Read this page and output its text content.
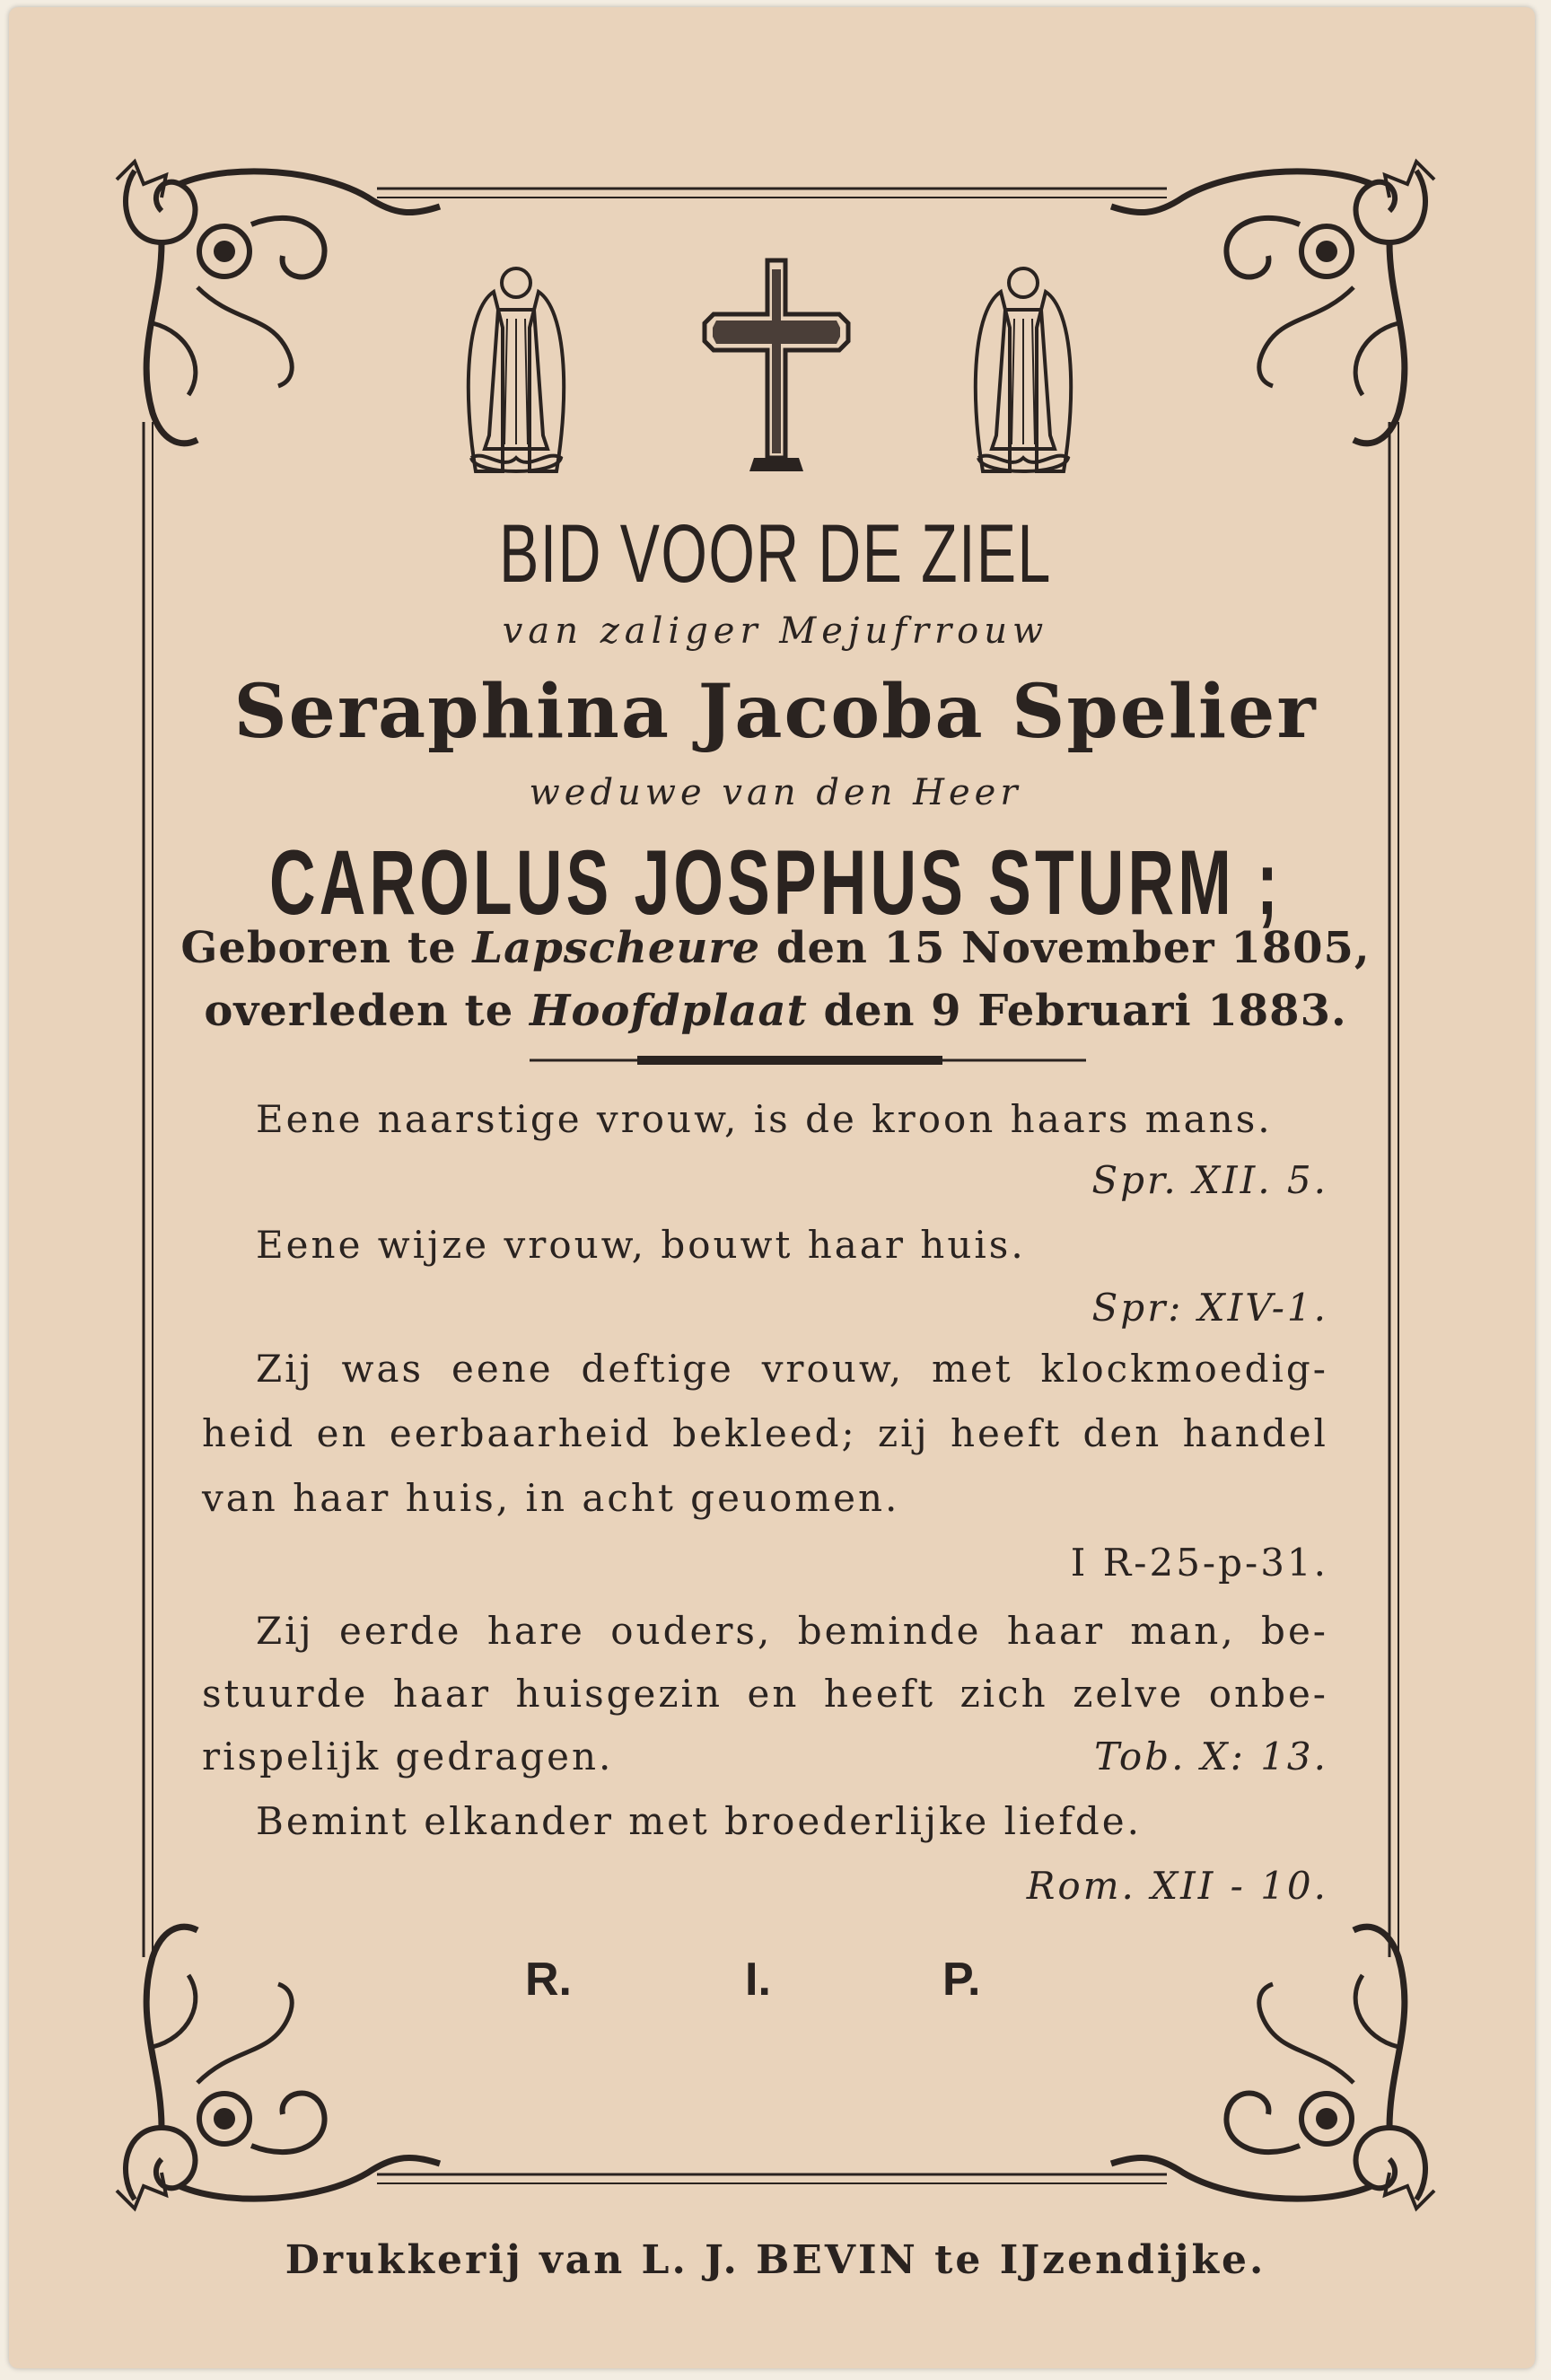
BID VOOR DE ZIEL
van zaliger Mejufrrouw
Seraphina Jacoba Spelier
weduwe van den Heer
CAROLUS JOSPHUS STURM ;
Geboren te Lapscheure den 15 November 1805,
overleden te Hoofdplaat den 9 Februari 1883.
Eene naarstige vrouw, is de kroon haars mans.
Spr. XII. 5.
Eene wijze vrouw, bouwt haar huis.
Spr: XIV-1.
Zij was eene deftige vrouw, met klockmoedig-
heid en eerbaarheid bekleed; zij heeft den handel
van haar huis, in acht geuomen.
I R-25-p-31.
Zij eerde hare ouders, beminde haar man, be-
stuurde haar huisgezin en heeft zich zelve onbe-
rispelijk gedragen.	Tob. X: 13.
Bemint elkander met broederlijke liefde.
Rom. XII - 10.
R.	I.	P.
Drukkerij van L. J. BEVIN te IJzendijke.
